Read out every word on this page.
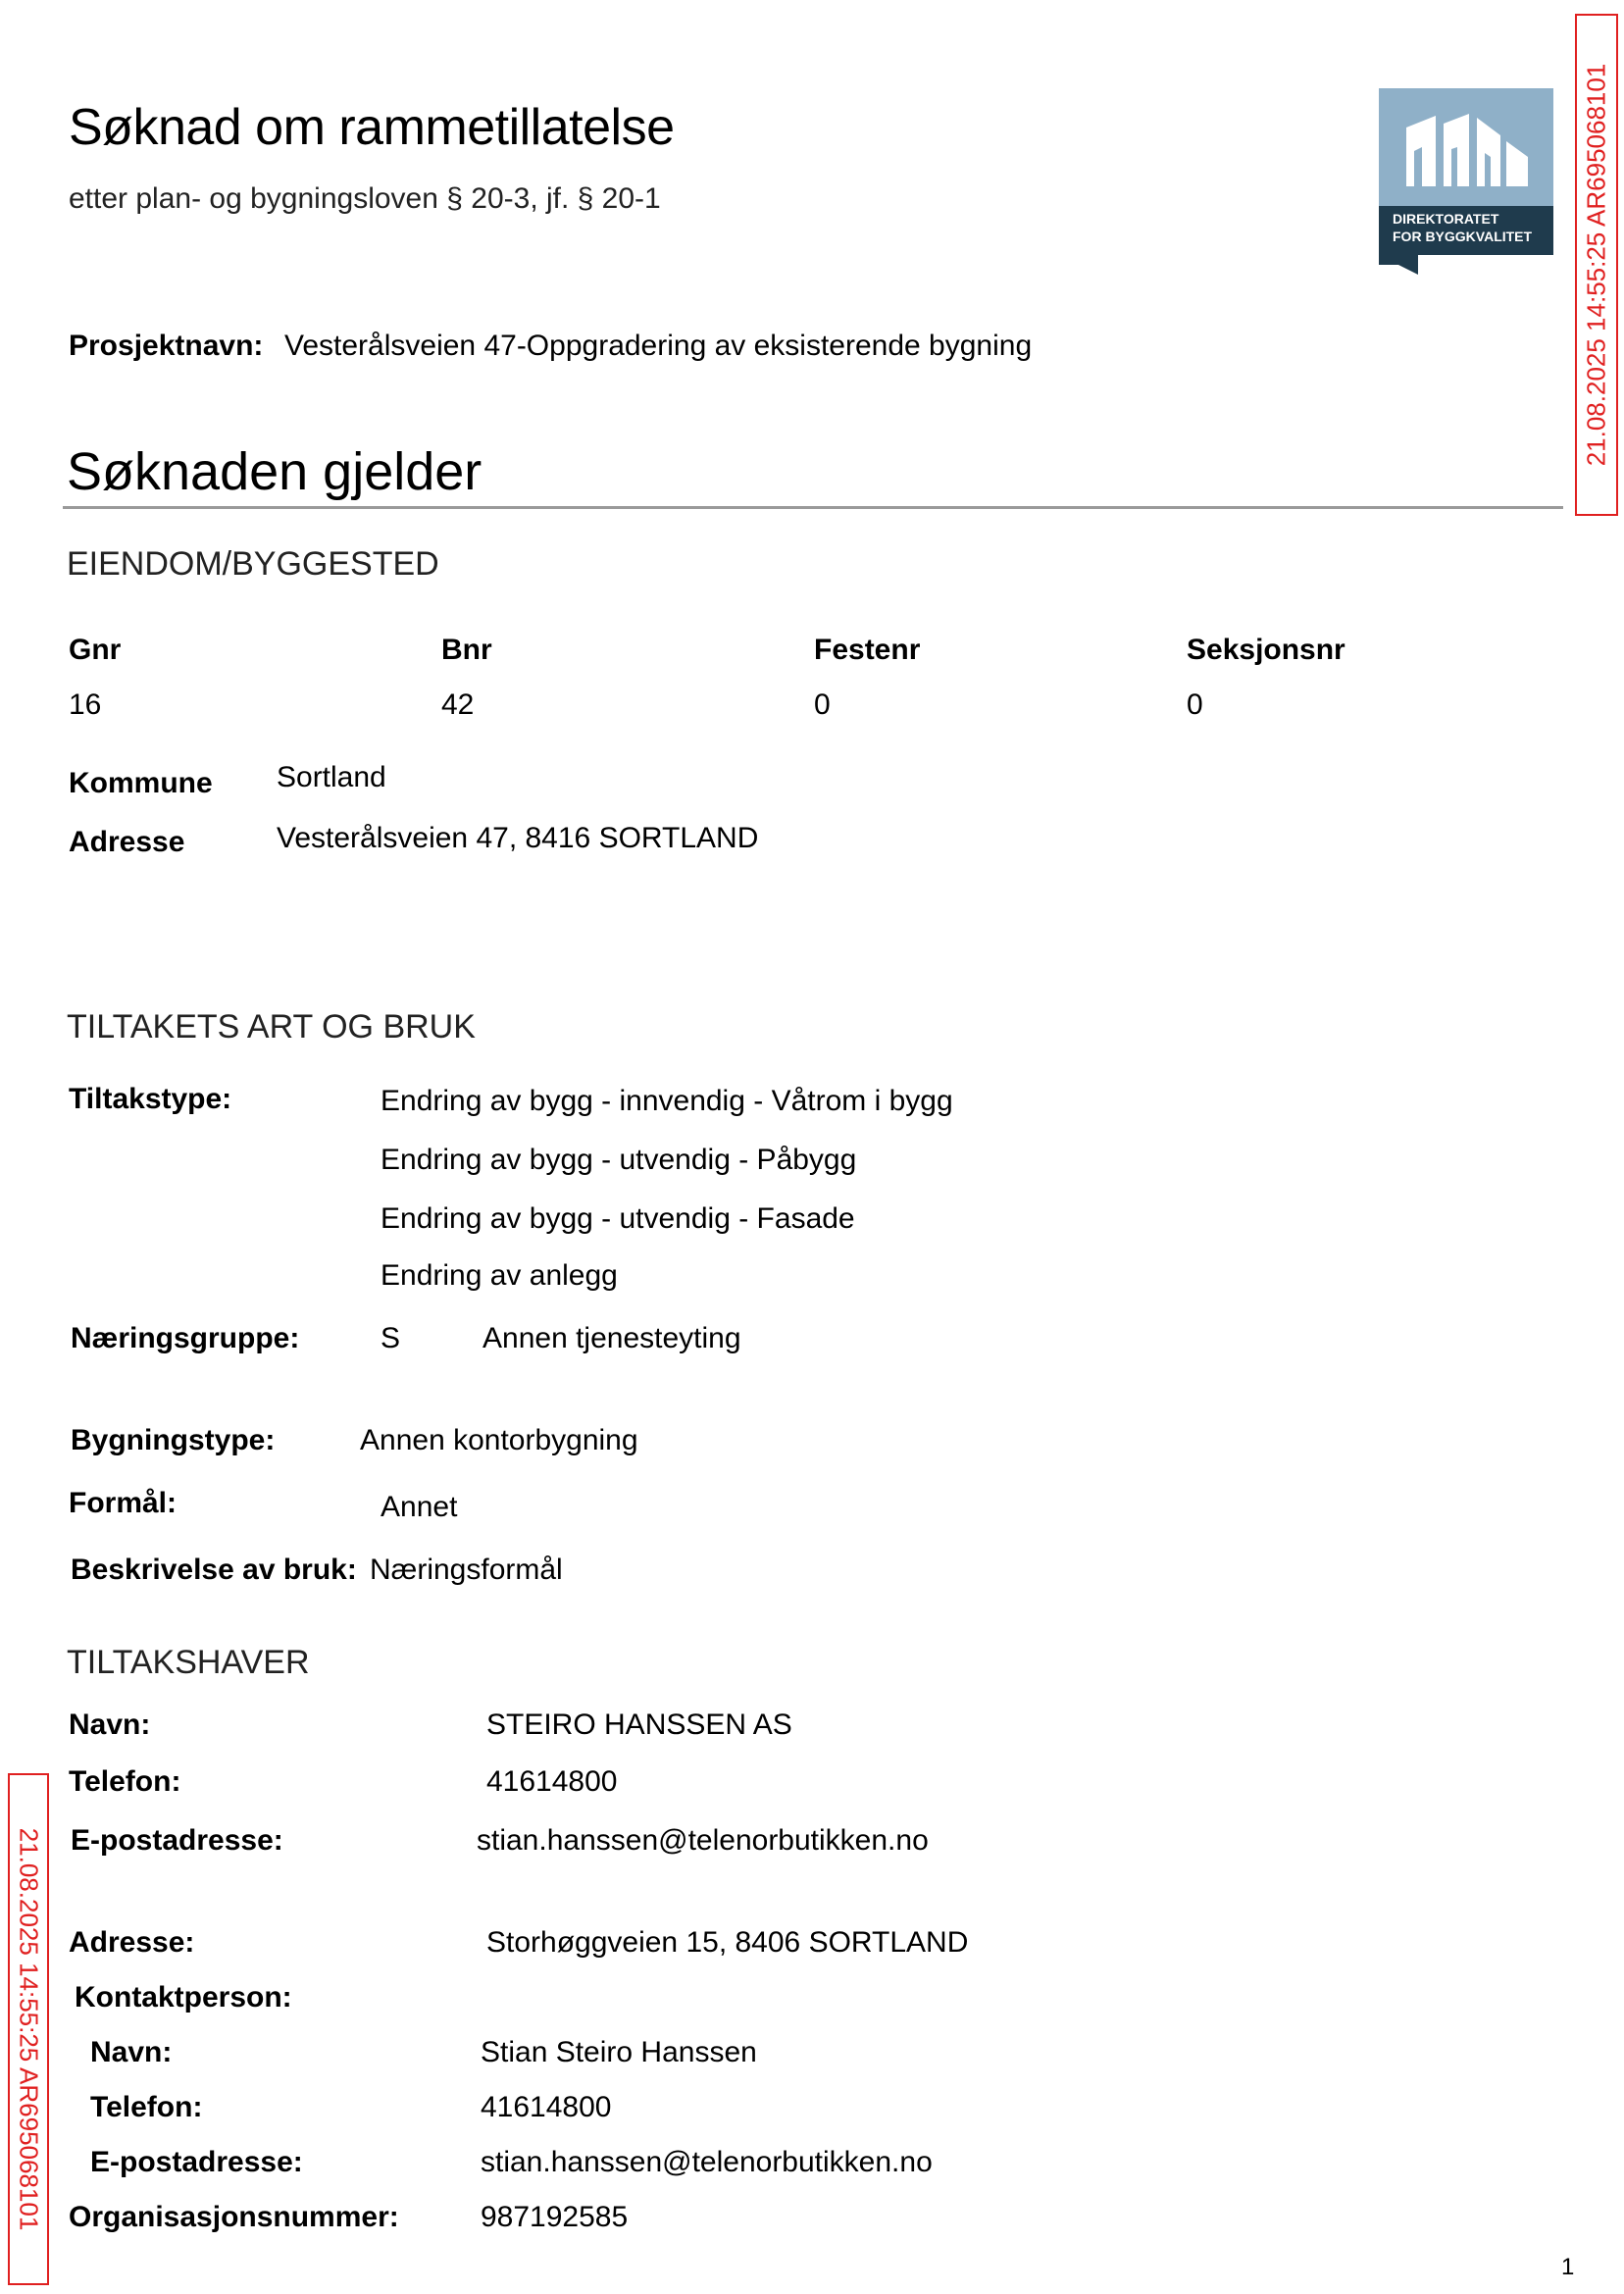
Søknad om rammetillatelse
etter plan- og bygningsloven § 20-3, jf. § 20-1
DIREKTORATET
FOR BYGGKVALITET
Prosjektnavn: Vesterålsveien 47-Oppgradering av eksisterende bygning
Søknaden gjelder
EIENDOM/BYGGESTED
Gnr	Bnr	Festenr	Seksjonsnr
16	42	0	0
Kommune Sortland
Adresse	Vesterålsveien 47, 8416 SORTLAND
TILTAKETS ART OG BRUK
Tiltakstype:	Endring av bygg - innvendig - Våtrom i bygg
Endring av bygg - utvendig - Påbygg
Endring av bygg - utvendig - Fasade
Endring av anlegg
Næringsgruppe:	S	Annen tjenesteyting
Bygningstype:	Annen kontorbygning
Formål:	Annet
Beskrivelse av bruk: Næringsformål
TILTAKSHAVER
Navn:	STEIRO HANSSEN AS
Telefon:	41614800
E-postadresse:	stian.hanssen@telenorbutikken.no
Adresse:	Storhøggveien 15, 8406 SORTLAND
Kontaktperson:
Navn:	Stian Steiro Hanssen
Telefon:	41614800
E-postadresse:	stian.hanssen@telenorbutikken.no
Organisasjonsnummer:	987192585
21.08.2025 14:55:25 AR695068101
21.08.2025 14:55:25 AR695068101
1
